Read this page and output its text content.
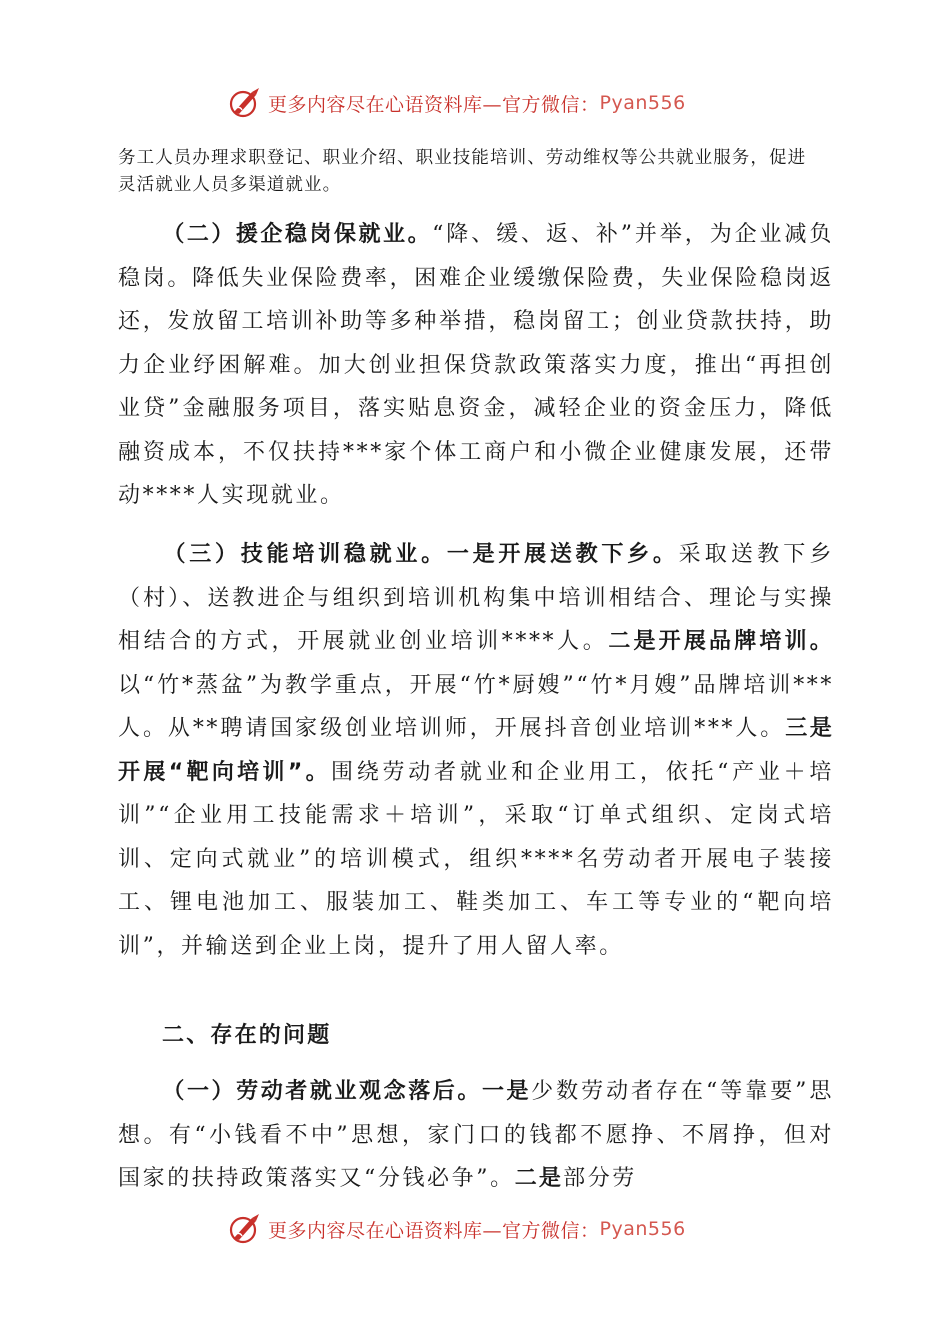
更多内容尽在心语资料库—官方微信： Pyan556
务工人员办理求职登记、职业介绍、职业技能培训、劳动维权等公共就业服务，促进
灵活就业人员多渠道就业。

（二）援企稳岗保就业。“降、缓、返、补”并举，为企业减负稳岗。降低失业保险费率，困难企业缓缴保险费，失业保险稳岗返还，发放留工培训补助等多种举措，稳岗留工；创业贷款扶持，助力企业纾困解难。加大创业担保贷款政策落实力度，推出“再担创业贷”金融服务项目，落实贴息资金，减轻企业的资金压力，降低融资成本，不仅扶持***家个体工商户和小微企业健康发展，还带动****人实现就业。

（三）技能培训稳就业。一是开展送教下乡。采取送教下乡（村）、送教进企与组织到培训机构集中培训相结合、理论与实操相结合的方式，开展就业创业培训****人。二是开展品牌培训。以“竹*蒸盆”为教学重点，开展“竹*厨嫂”“竹*月嫂”品牌培训***人。从**聘请国家级创业培训师，开展抖音创业培训***人。三是开展“靶向培训”。围绕劳动者就业和企业用工，依托“产业＋培训”“企业用工技能需求＋培训”，采取“订单式组织、定岗式培训、定向式就业”的培训模式，组织****名劳动者开展电子装接工、锂电池加工、服装加工、鞋类加工、车工等专业的“靶向培训”，并输送到企业上岗，提升了用人留人率。

二、存在的问题

（一）劳动者就业观念落后。一是少数劳动者存在“等靠要”思想。有“小钱看不中”思想，家门口的钱都不愿挣、不屑挣，但对国家的扶持政策落实又“分钱必争”。二是部分劳

更多内容尽在心语资料库—官方微信： Pyan556
